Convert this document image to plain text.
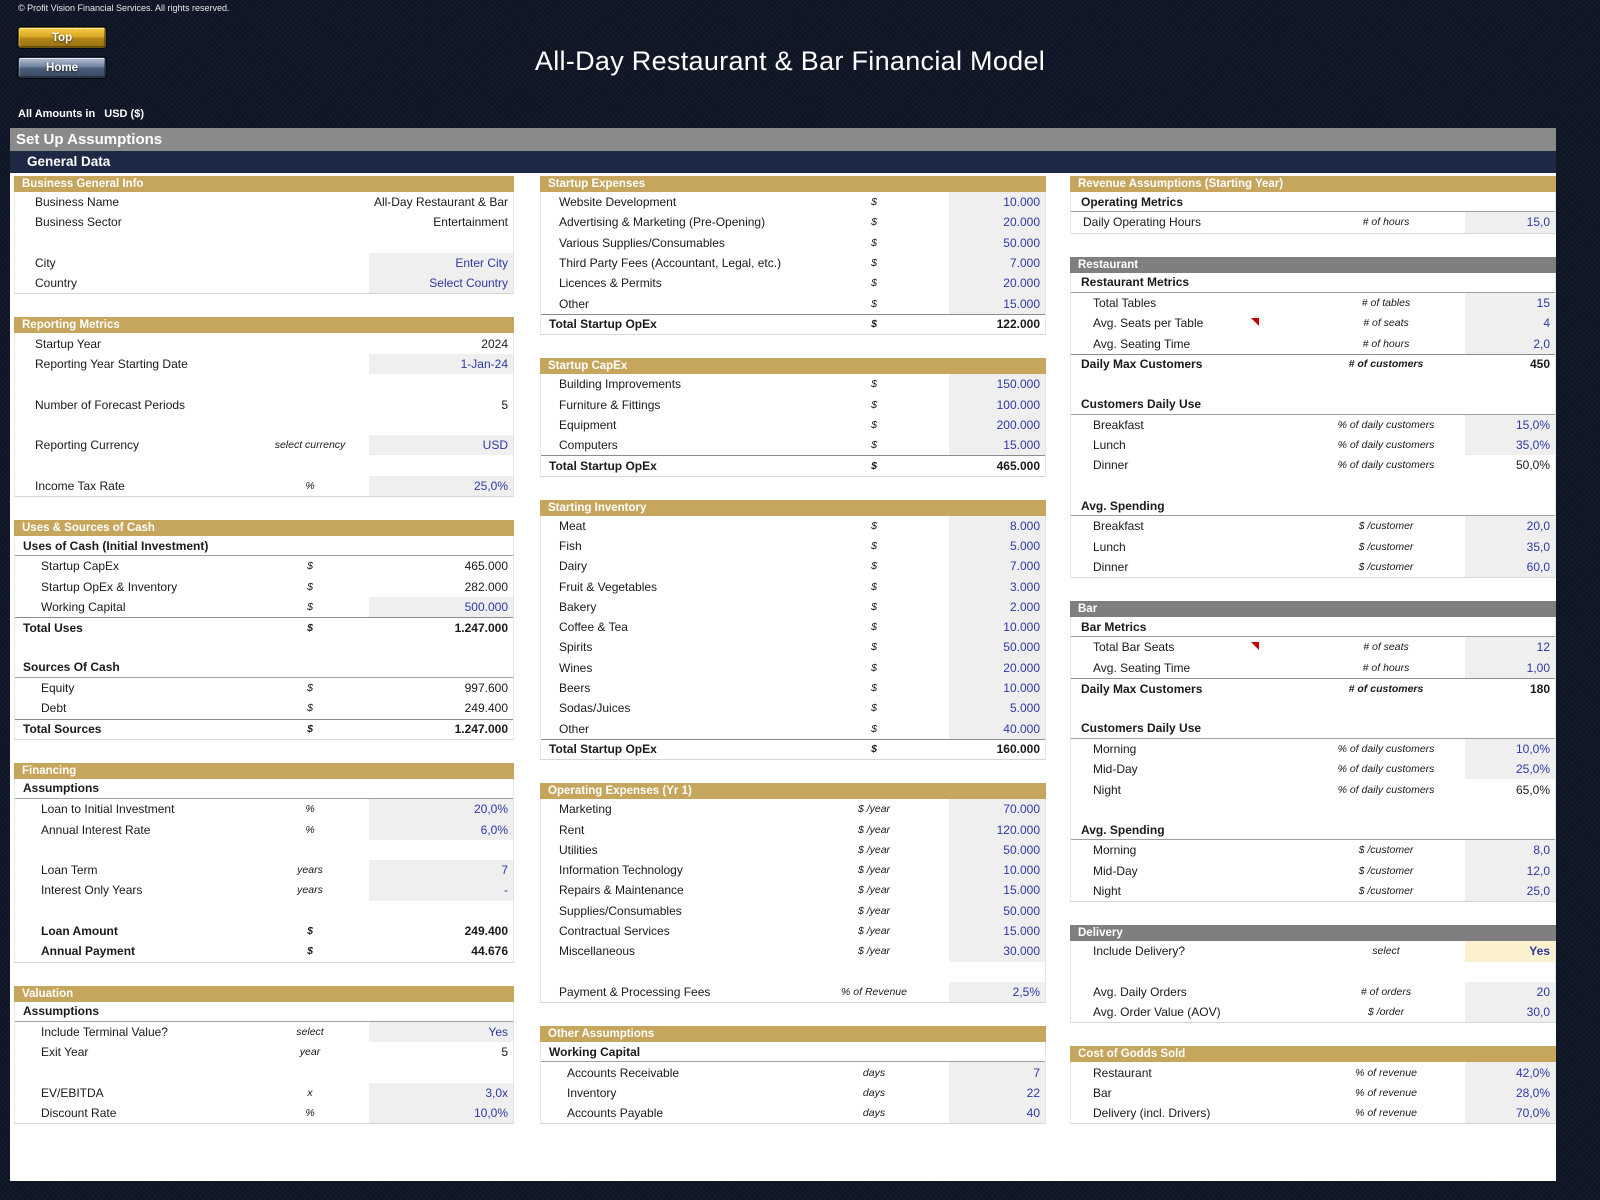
© Profit Vision Financial Services. All rights reserved.
Top
Home	All-Day Restaurant & Bar Financial Model
All Amounts in USD ($)
Set Up Assumptions
General Data
Business General Info
Business Name	All-Day Restaurant & Bar
Business Sector	Entertainment
City	Enter City
Country	Select Country
Reporting Metrics
Startup Year	2024
Reporting Year Starting Date	1-Jan-24
Number of Forecast Periods	5
Reporting Currency	select currency	USD
Income Tax Rate	%	25,0%
Uses & Sources of Cash
Uses of Cash (Initial Investment)
Startup CapEx	$	465.000
Startup OpEx & Inventory	$	282.000
Working Capital	$	500.000
Total Uses	$	1.247.000
Sources Of Cash
Equity	$	997.600
Debt	$	249.400
Total Sources	$	1.247.000
Financing
Assumptions
Loan to Initial Investment	%	20,0%
Annual Interest Rate	%	6,0%
Loan Term	years	7
Interest Only Years	years	-
Loan Amount	$	249.400
Annual Payment	$	44.676
Valuation
Assumptions
Include Terminal Value?	select	Yes
Exit Year	year	5
EV/EBITDA	x	3,0x
Discount Rate	%	10,0%
Startup Expenses
Website Development	$	10.000
Advertising & Marketing (Pre-Opening)	$	20.000
Various Supplies/Consumables	$	50.000
Third Party Fees (Accountant, Legal, etc.)	$	7.000
Licences & Permits	$	20.000
Other	$	15.000
Total Startup OpEx	$	122.000
Startup CapEx
Building Improvements	$	150.000
Furniture & Fittings	$	100.000
Equipment	$	200.000
Computers	$	15.000
Total Startup OpEx	$	465.000
Starting Inventory
Meat	$	8.000
Fish	$	5.000
Dairy	$	7.000
Fruit & Vegetables	$	3.000
Bakery	$	2.000
Coffee & Tea	$	10.000
Spirits	$	50.000
Wines	$	20.000
Beers	$	10.000
Sodas/Juices	$	5.000
Other	$	40.000
Total Startup OpEx	$	160.000
Operating Expenses (Yr 1)
Marketing	$ /year	70.000
Rent	$ /year	120.000
Utilities	$ /year	50.000
Information Technology	$ /year	10.000
Repairs & Maintenance	$ /year	15.000
Supplies/Consumables	$ /year	50.000
Contractual Services	$ /year	15.000
Miscellaneous	$ /year	30.000
Payment & Processing Fees	% of Revenue	2,5%
Other Assumptions
Working Capital
Accounts Receivable	days	7
Inventory	days	22
Accounts Payable	days	40
Revenue Assumptions (Starting Year)
Operating Metrics
Daily Operating Hours	# of hours	15,0
Restaurant
Restaurant Metrics
Total Tables	# of tables	15
Avg. Seats per Table	# of seats	4
Avg. Seating Time	# of hours	2,0
Daily Max Customers	# of customers	450
Customers Daily Use
Breakfast	% of daily customers	15,0%
Lunch	% of daily customers	35,0%
Dinner	% of daily customers	50,0%
Avg. Spending
Breakfast	$ /customer	20,0
Lunch	$ /customer	35,0
Dinner	$ /customer	60,0
Bar
Bar Metrics
Total Bar Seats	# of seats	12
Avg. Seating Time	# of hours	1,00
Daily Max Customers	# of customers	180
Customers Daily Use
Morning	% of daily customers	10,0%
Mid-Day	% of daily customers	25,0%
Night	% of daily customers	65,0%
Avg. Spending
Morning	$ /customer	8,0
Mid-Day	$ /customer	12,0
Night	$ /customer	25,0
Delivery
Include Delivery?	select	Yes
Avg. Daily Orders	# of orders	20
Avg. Order Value (AOV)	$ /order	30,0
Cost of Godds Sold
Restaurant	% of revenue	42,0%
Bar	% of revenue	28,0%
Delivery (incl. Drivers)	% of revenue	70,0%
